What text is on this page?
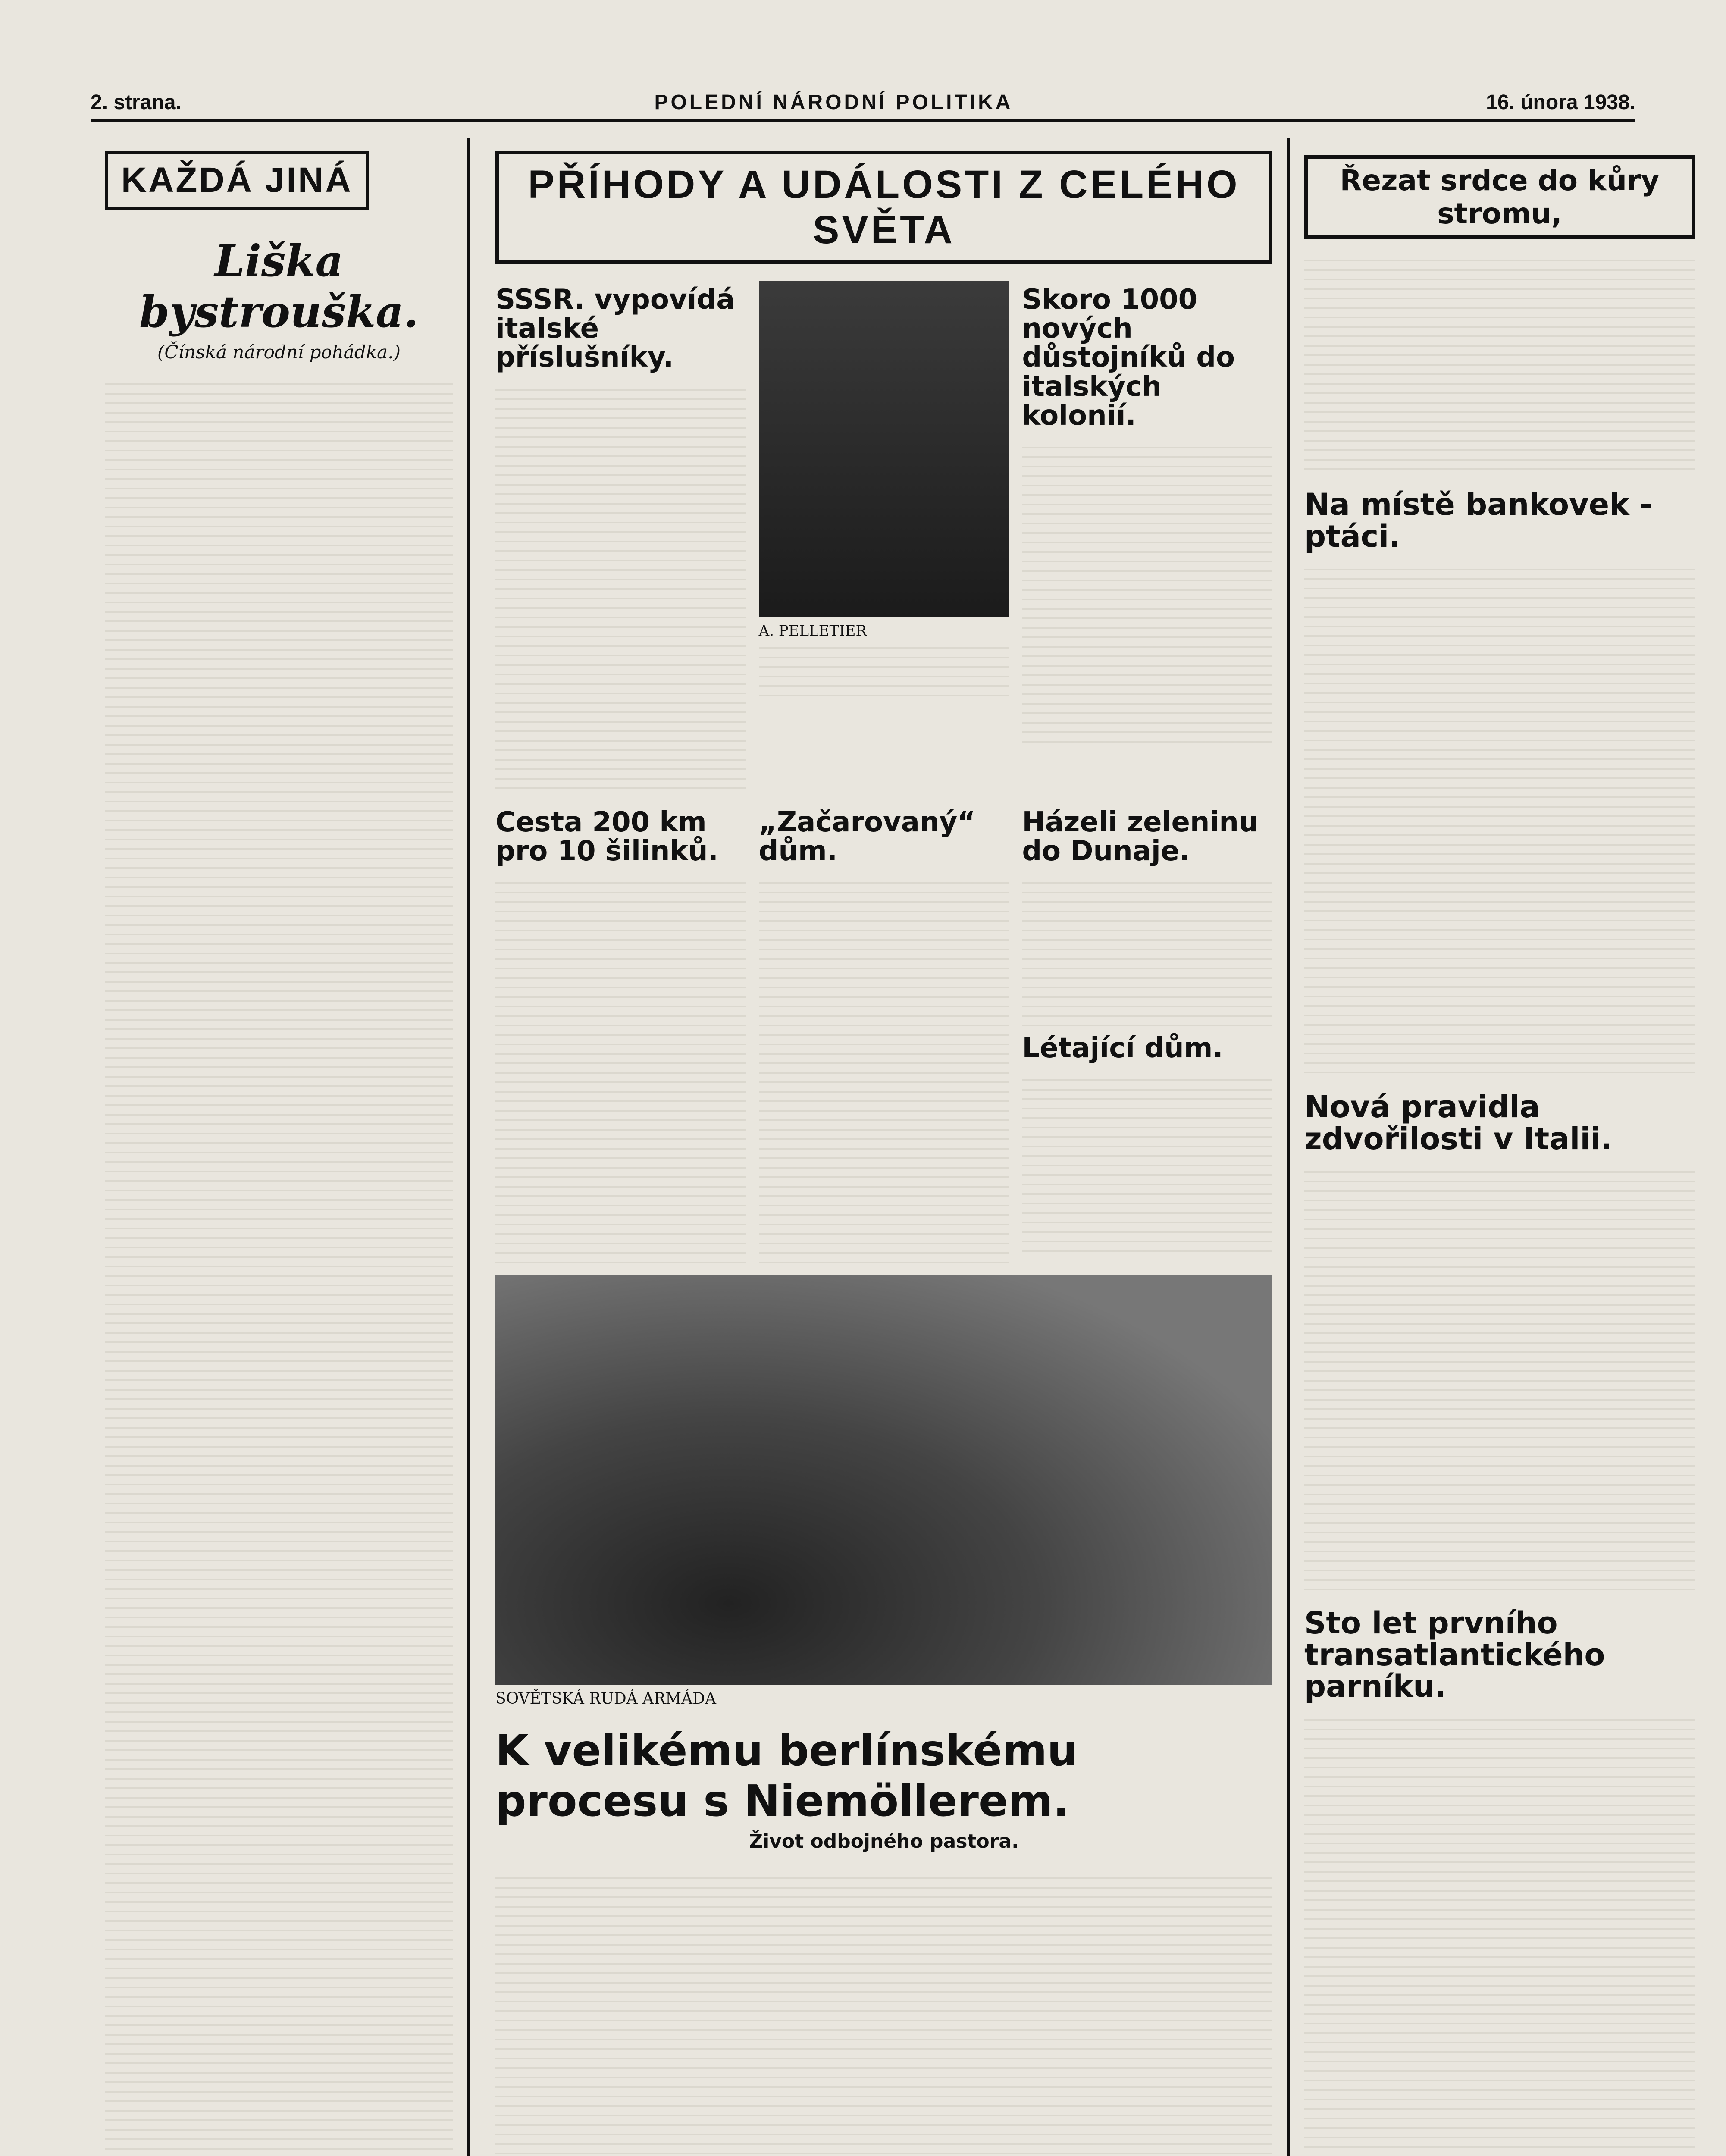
2. strana.	POLEDNÍ NÁRODNÍ POLITIKA	16. února 1938.
KAŽDÁ JINÁ
Liška bystrouška.
(Čínská národní pohádka.)
PŘÍHODY A UDÁLOSTI Z CELÉHO SVĚTA
SSSR. vypovídá italské příslušníky.
A. PELLETIER
Skoro 1000 nových důstojníků do italských kolonií.
Cesta 200 km pro 10 šilinků.
„Začarovaný“ dům.
Házeli zeleninu do Dunaje.
Létající dům.
SOVĚTSKÁ RUDÁ ARMÁDA
K velikému berlínskému procesu s Niemöllerem.
Život odbojného pastora.
Řezat srdce do kůry stromu,
Na místě bankovek - ptáci.
Nová pravidla zdvořilosti v Italii.
Sto let prvního transatlantického parníku.
